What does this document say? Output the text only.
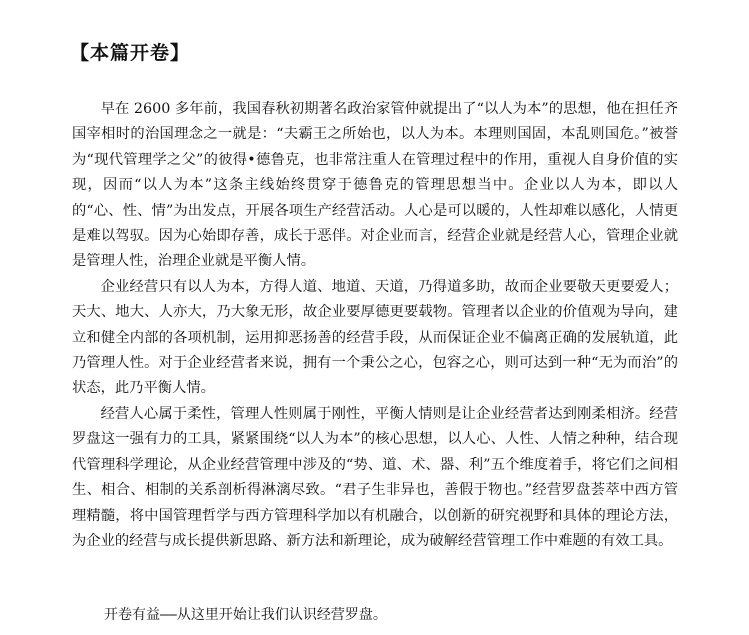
【本篇开卷】

早在 2600 多年前，我国春秋初期著名政治家管仲就提出了“以人为本”的思想，他在担任齐国宰相时的治国理念之一就是：“夫霸王之所始也，以人为本。本理则国固，本乱则国危。”被誉为“现代管理学之父”的彼得•德鲁克，也非常注重人在管理过程中的作用，重视人自身价值的实现，因而“以人为本”这条主线始终贯穿于德鲁克的管理思想当中。企业以人为本，即以人的“心、性、情”为出发点，开展各项生产经营活动。人心是可以暖的，人性却难以感化，人情更是难以驾驭。因为心始即存善，成长于恶伴。对企业而言，经营企业就是经营人心，管理企业就是管理人性，治理企业就是平衡人情。

企业经营只有以人为本，方得人道、地道、天道，乃得道多助，故而企业要敬天更要爱人；天大、地大、人亦大，乃大象无形，故企业要厚德更要载物。管理者以企业的价值观为导向，建立和健全内部的各项机制，运用抑恶扬善的经营手段，从而保证企业不偏离正确的发展轨道，此乃管理人性。对于企业经营者来说，拥有一个秉公之心，包容之心，则可达到一种“无为而治”的状态，此乃平衡人情。

经营人心属于柔性，管理人性则属于刚性，平衡人情则是让企业经营者达到刚柔相济。经营罗盘这一强有力的工具，紧紧围绕“以人为本”的核心思想，以人心、人性、人情之种种，结合现代管理科学理论，从企业经营管理中涉及的“势、道、术、器、利”五个维度着手，将它们之间相生、相合、相制的关系剖析得淋漓尽致。“君子生非异也，善假于物也。”经营罗盘荟萃中西方管理精髓，将中国管理哲学与西方管理科学加以有机融合，以创新的研究视野和具体的理论方法，为企业的经营与成长提供新思路、新方法和新理论，成为破解经营管理工作中难题的有效工具。

开卷有益——从这里开始让我们认识经营罗盘。
